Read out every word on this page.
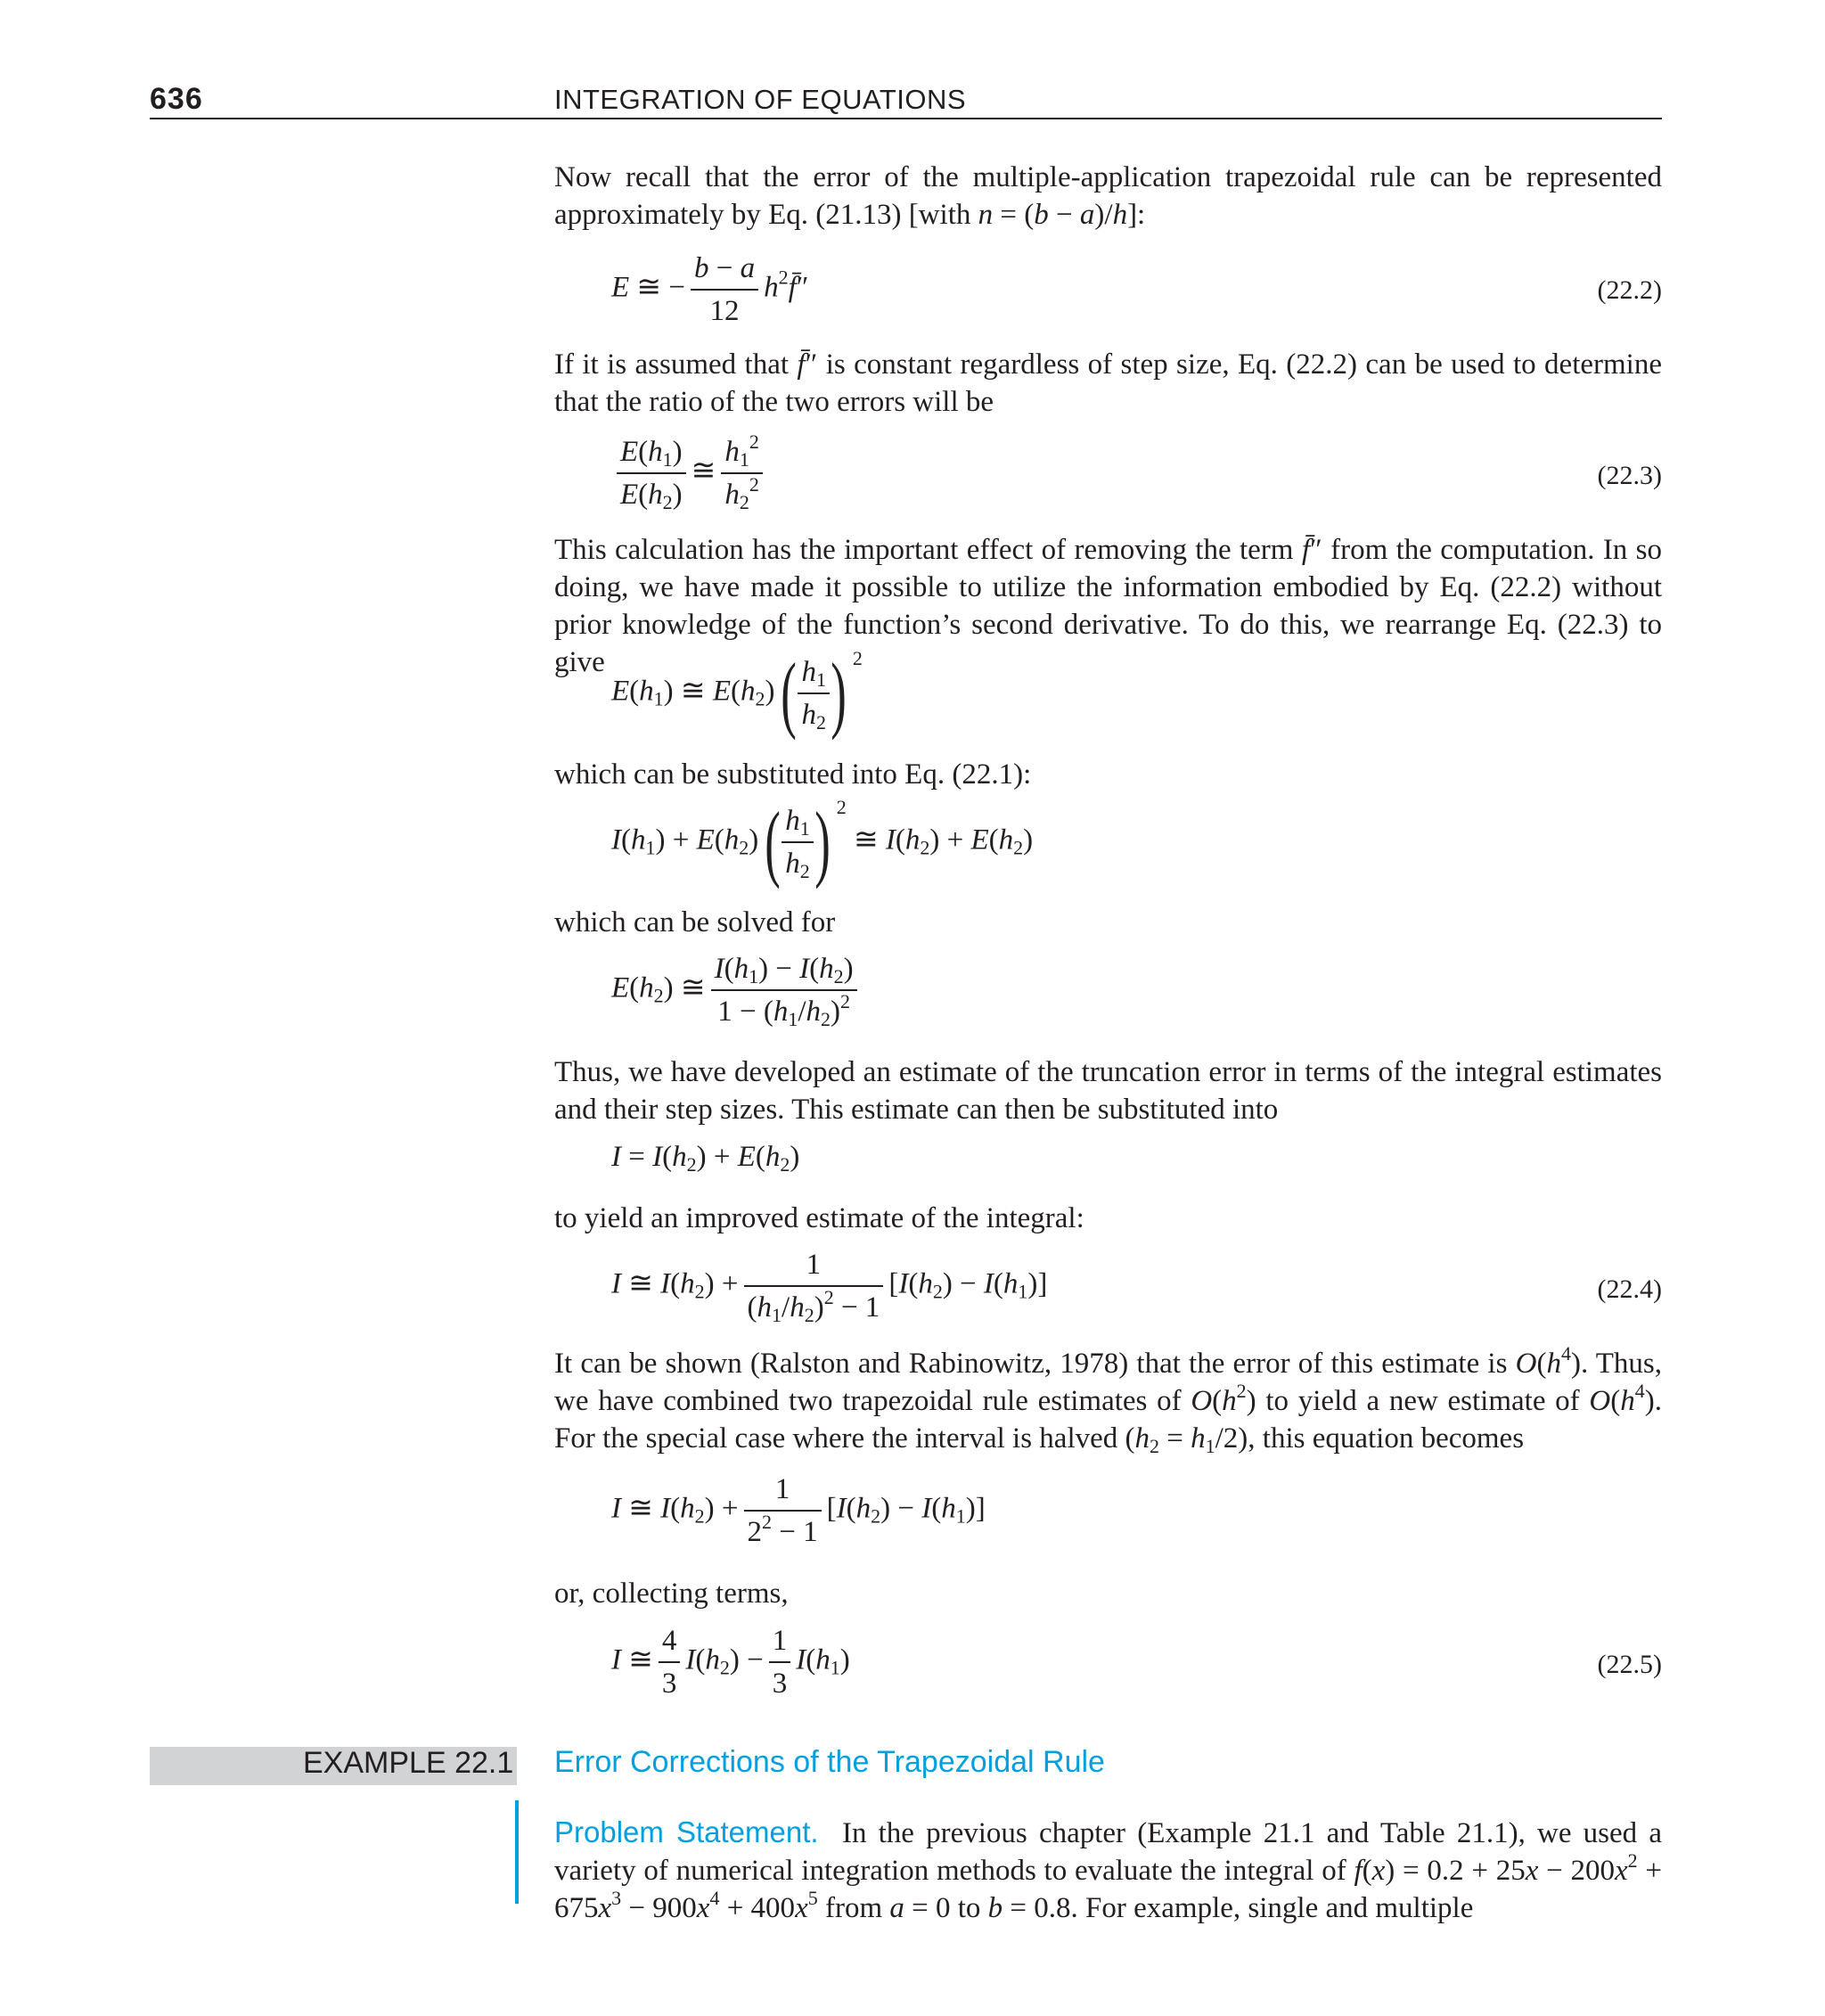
636	INTEGRATION OF EQUATIONS
Now recall that the error of the multiple-application trapezoidal rule can be represented approximately by Eq. (21.13) [with n = (b − a)/h]:
E ≅ − $\frac{b - a}{12}$ $h^2f̄''$	(22.2)
If it is assumed that f̄″ is constant regardless of step size, Eq. (22.2) can be used to determine that the ratio of the two errors will be
$\frac{E(h_1)}{E(h_2)}$ ≅ $\frac{h_1^2}{h_2^2}$	(22.3)
This calculation has the important effect of removing the term f̄″ from the computation. In so doing, we have made it possible to utilize the information embodied by Eq. (22.2) without prior knowledge of the function’s second derivative. To do this, we rearrange Eq. (22.3) to give
$E(h_1)$ ≅ $E(h_2)( \frac{h_1}{h_2}$ ) 2
which can be substituted into Eq. (22.1):
$I(h_1) + E(h_2)( \frac{h_1}{h_2}$ ) 2 ≅ $I(h_2) + E(h_2)$
which can be solved for
$E(h_2)$ ≅ $\frac{I(h_1) - I(h_2)}{1 - (h_1/h_2)^2}$
Thus, we have developed an estimate of the truncation error in terms of the integral estimates and their step sizes. This estimate can then be substituted into
$I = I(h_2) + E(h_2)$
to yield an improved estimate of the integral:
I ≅ $I(h_2) + \frac{1}{(h_1/h_2)^2 - 1} [I(h_2) - I(h_1)]$	(22.4)
It can be shown (Ralston and Rabinowitz, 1978) that the error of this estimate is $O(h^4)$. Thus, we have combined two trapezoidal rule estimates of $O(h^2)$ to yield a new estimate of $O(h^4)$. For the special case where the interval is halved $(h_2 = h_1/2)$, this equation becomes
I ≅ $I(h_2) + \frac{1}{2^2 - 1} [I(h_2) - I(h_1)]$
or, collecting terms,
I ≅ $\frac{4}{3} I(h_2) - \frac{1}{3} I(h_1)$	(22.5)
EXAMPLE 22.1 Error Corrections of the Trapezoidal Rule
Problem Statement. In the previous chapter (Example 21.1 and Table 21.1), we used a variety of numerical integration methods to evaluate the integral of $f(x) = 0.2 + 25x - 200x^2 + 675x^3 - 900x^4 + 400x^5$ from a = 0 to b = 0.8. For example, single and multiple
